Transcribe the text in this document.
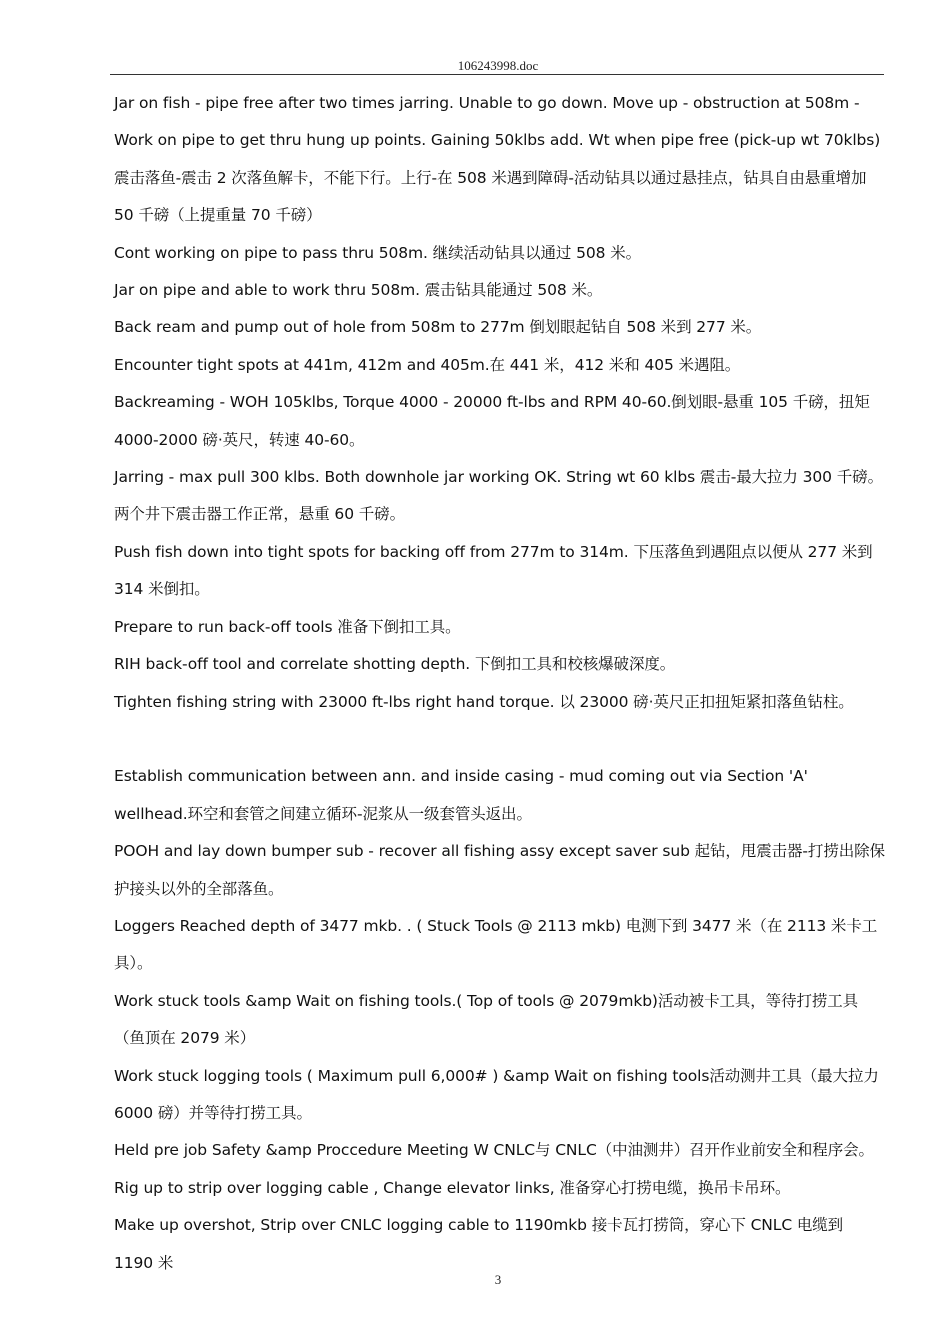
106243998.doc

Jar on fish - pipe free after two times jarring. Unable to go down. Move up - obstruction at 508m - Work on pipe to get thru hung up points. Gaining 50klbs add. Wt when pipe free (pick-up wt 70klbs)震击落鱼-震击 2 次落鱼解卡，不能下行。上行-在 508 米遇到障碍-活动钻具以通过悬挂点，钻具自由悬重增加 50 千磅（上提重量 70 千磅）

Cont working on pipe to pass thru 508m. 继续活动钻具以通过 508 米。

Jar on pipe and able to work thru 508m. 震击钻具能通过 508 米。

Back ream and pump out of hole from 508m to 277m 倒划眼起钻自 508 米到 277 米。

Encounter tight spots at 441m, 412m and 405m.在 441 米，412 米和 405 米遇阻。

Backreaming - WOH 105klbs, Torque 4000 - 20000 ft-lbs and RPM 40-60.倒划眼-悬重 105 千磅，扭矩 4000-2000 磅·英尺，转速 40-60。

Jarring - max pull 300 klbs. Both downhole jar working OK. String wt 60 klbs 震击-最大拉力 300 千磅。两个井下震击器工作正常，悬重 60 千磅。

Push fish down into tight spots for backing off from 277m to 314m. 下压落鱼到遇阻点以便从 277 米到 314 米倒扣。

Prepare to run back-off tools 准备下倒扣工具。

RIH back-off tool and correlate shotting depth. 下倒扣工具和校核爆破深度。

Tighten fishing string with 23000 ft-lbs right hand torque. 以 23000 磅·英尺正扣扭矩紧扣落鱼钻柱。

Establish communication between ann. and inside casing - mud coming out via Section 'A' wellhead.环空和套管之间建立循环-泥浆从一级套管头返出。

POOH and lay down bumper sub - recover all fishing assy except saver sub 起钻，甩震击器-打捞出除保护接头以外的全部落鱼。

Loggers Reached depth of 3477 mkb. . ( Stuck Tools @ 2113 mkb) 电测下到 3477 米（在 2113 米卡工具）。

Work stuck tools &amp Wait on fishing tools.( Top of tools @ 2079mkb)活动被卡工具，等待打捞工具（鱼顶在 2079 米）

Work stuck logging tools ( Maximum pull 6,000# ) &amp Wait on fishing tools活动测井工具（最大拉力 6000 磅）并等待打捞工具。

Held pre job Safety &amp Proccedure Meeting W CNLC与 CNLC（中油测井）召开作业前安全和程序会。

Rig up to strip over logging cable , Change elevator links, 准备穿心打捞电缆，换吊卡吊环。

Make up overshot, Strip over CNLC logging cable to 1190mkb 接卡瓦打捞筒，穿心下 CNLC 电缆到 1190 米

3
